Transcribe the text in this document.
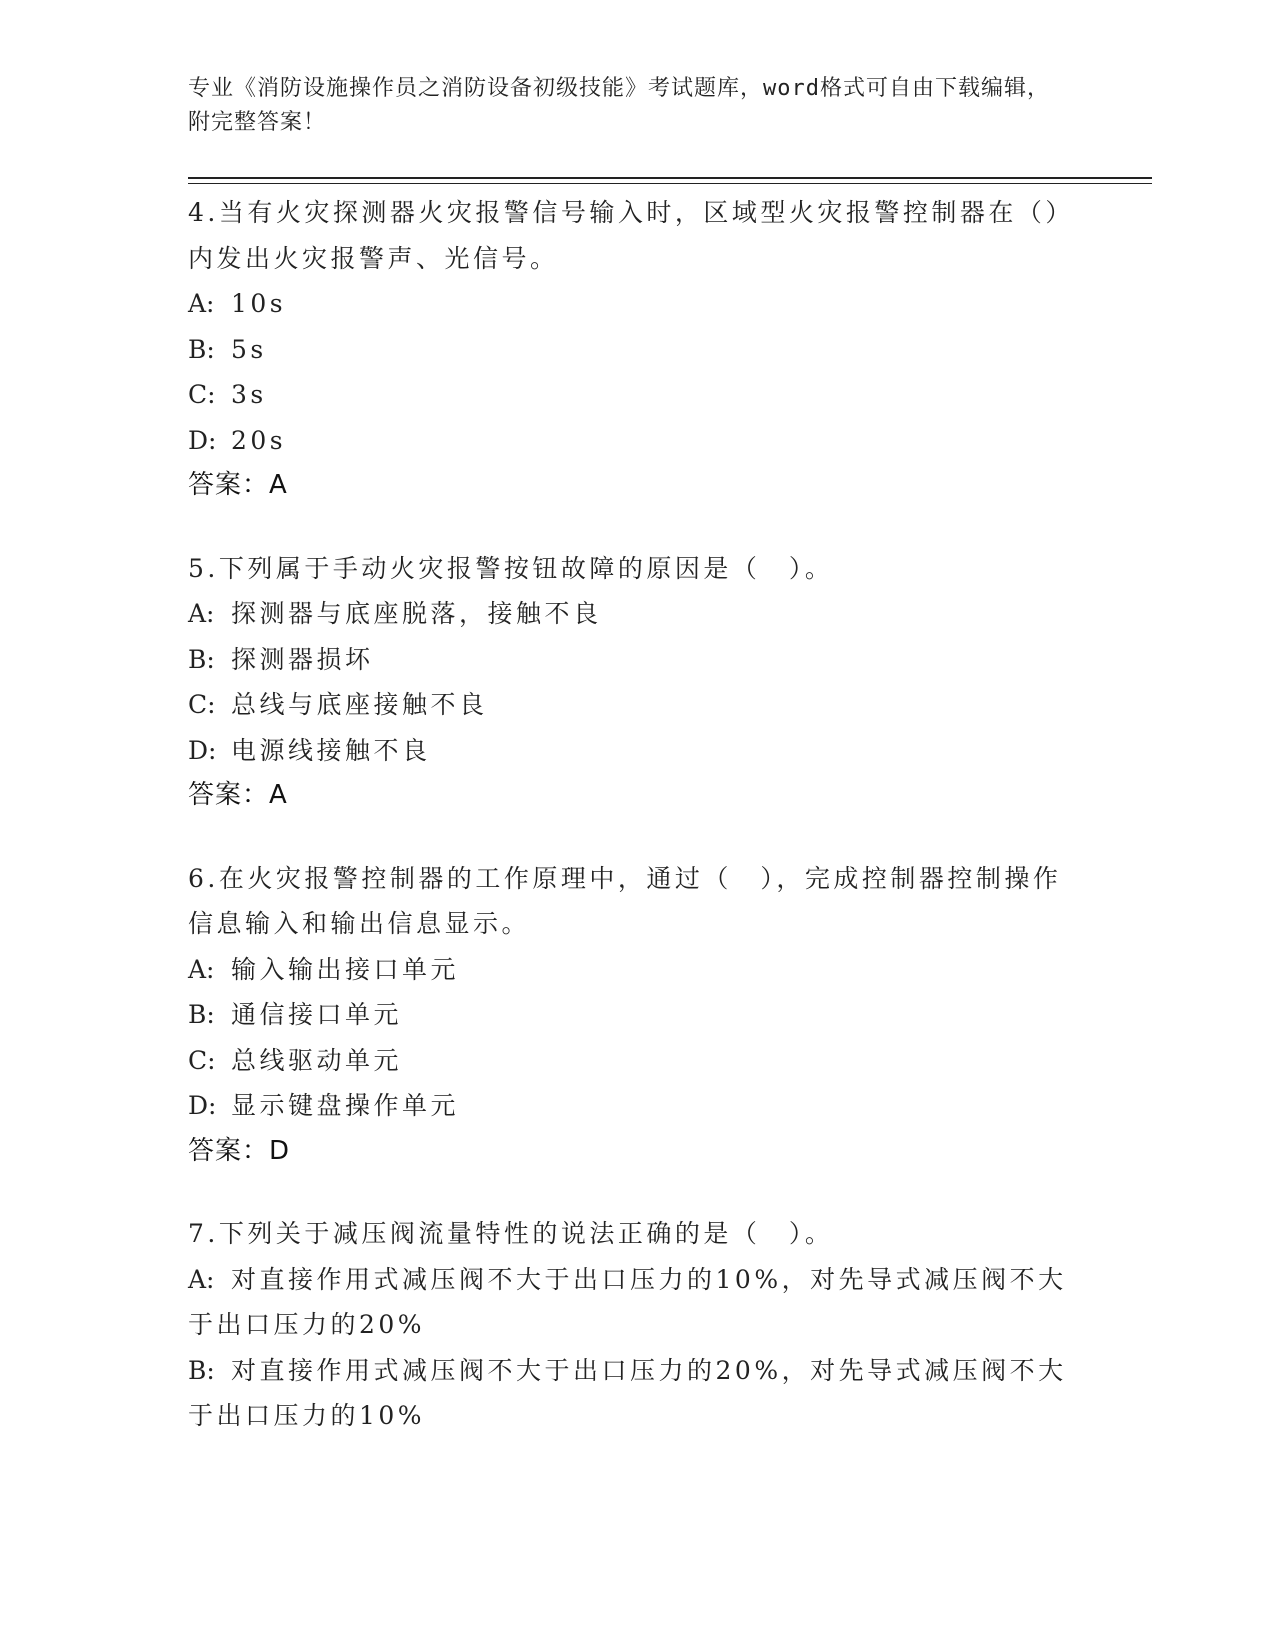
专业《消防设施操作员之消防设备初级技能》考试题库，word格式可自由下载编辑，附完整答案！

4.当有火灾探测器火灾报警信号输入时，区域型火灾报警控制器在（）内发出火灾报警声、光信号。

A: 10s

B: 5s

C: 3s

D: 20s

答案：A

5.下列属于手动火灾报警按钮故障的原因是（　）。

A: 探测器与底座脱落，接触不良

B: 探测器损坏

C: 总线与底座接触不良

D: 电源线接触不良

答案：A

6.在火灾报警控制器的工作原理中，通过（　），完成控制器控制操作信息输入和输出信息显示。

A: 输入输出接口单元

B: 通信接口单元

C: 总线驱动单元

D: 显示键盘操作单元

答案：D

7.下列关于减压阀流量特性的说法正确的是（　）。

A: 对直接作用式减压阀不大于出口压力的10%，对先导式减压阀不大于出口压力的20%

B: 对直接作用式减压阀不大于出口压力的20%，对先导式减压阀不大于出口压力的10%
